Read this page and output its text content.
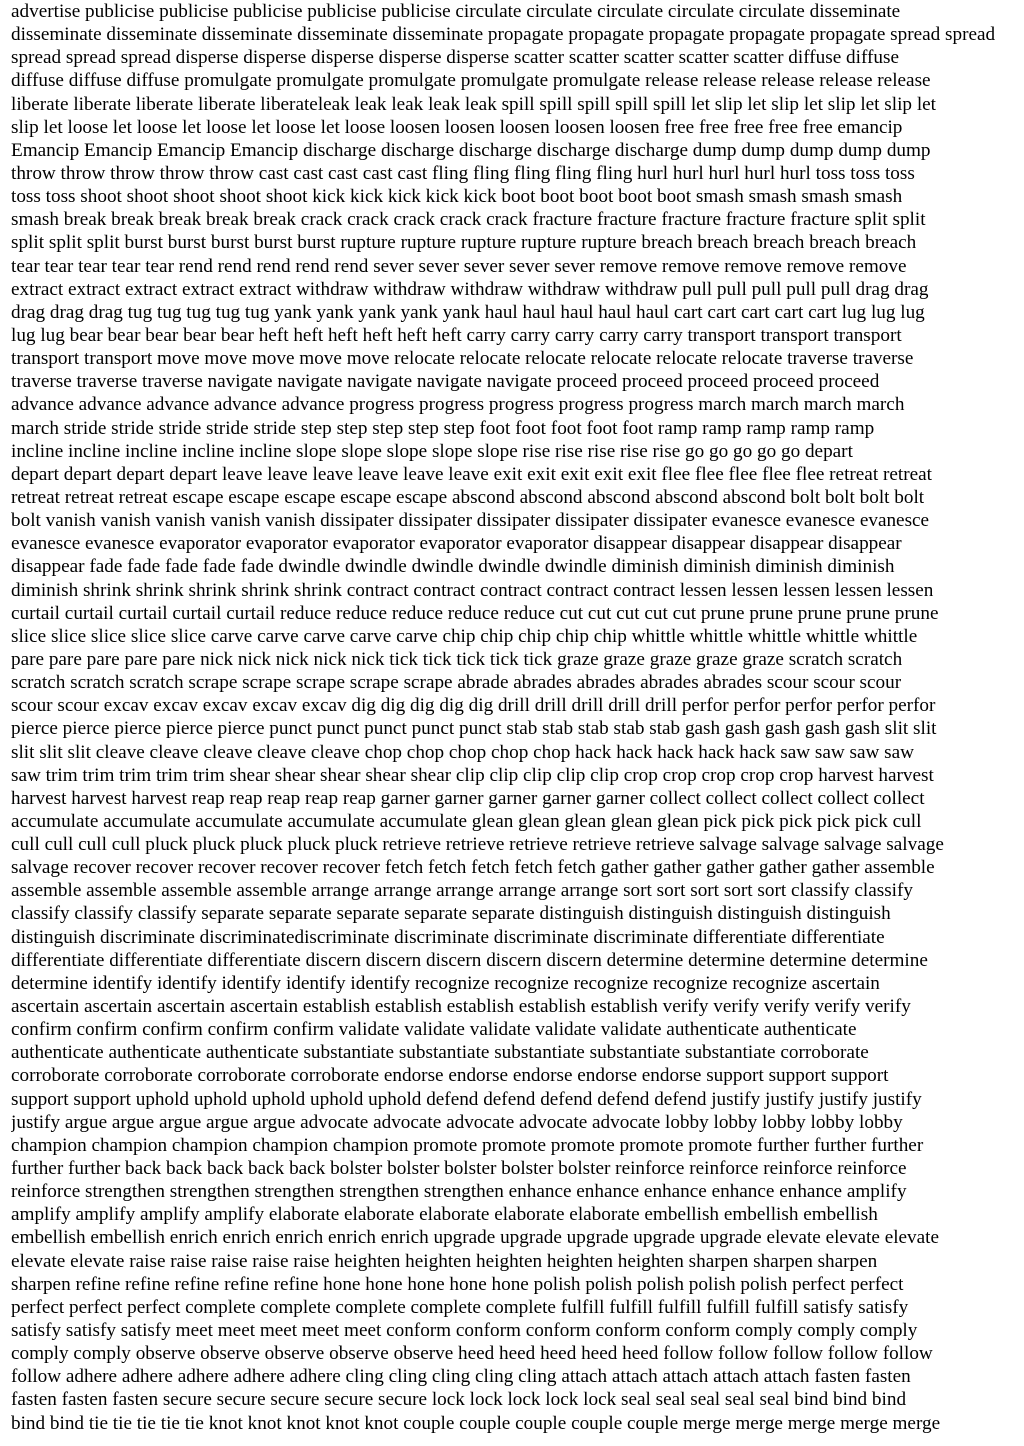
advertise publicise publicise publicise publicise publicise circulate circulate circulate circulate circulate disseminate
disseminate disseminate disseminate disseminate disseminate propagate propagate propagate propagate propagate spread spread
spread spread spread disperse disperse disperse disperse disperse scatter scatter scatter scatter scatter diffuse diffuse
diffuse diffuse diffuse promulgate promulgate promulgate promulgate promulgate release release release release release
liberate liberate liberate liberate liberateleak leak leak leak leak spill spill spill spill spill let slip let slip let slip let slip let
slip let loose let loose let loose let loose let loose loosen loosen loosen loosen loosen free free free free free emancip
Emancip Emancip Emancip Emancip discharge discharge discharge discharge discharge dump dump dump dump dump
throw throw throw throw throw cast cast cast cast cast fling fling fling fling fling hurl hurl hurl hurl hurl toss toss toss
toss toss shoot shoot shoot shoot shoot kick kick kick kick kick boot boot boot boot boot smash smash smash smash
smash break break break break break crack crack crack crack crack fracture fracture fracture fracture fracture split split
split split split burst burst burst burst burst rupture rupture rupture rupture rupture breach breach breach breach breach
tear tear tear tear tear rend rend rend rend rend sever sever sever sever sever remove remove remove remove remove
extract extract extract extract extract withdraw withdraw withdraw withdraw withdraw pull pull pull pull pull drag drag
drag drag drag tug tug tug tug tug yank yank yank yank yank haul haul haul haul haul cart cart cart cart cart lug lug lug
lug lug bear bear bear bear bear heft heft heft heft heft heft carry carry carry carry carry transport transport transport
transport transport move move move move move relocate relocate relocate relocate relocate relocate traverse traverse
traverse traverse traverse navigate navigate navigate navigate navigate proceed proceed proceed proceed proceed
advance advance advance advance advance progress progress progress progress progress march march march march
march stride stride stride stride stride step step step step step foot foot foot foot foot ramp ramp ramp ramp ramp
incline incline incline incline incline slope slope slope slope slope rise rise rise rise rise go go go go go depart
depart depart depart depart leave leave leave leave leave leave exit exit exit exit exit flee flee flee flee flee retreat retreat
retreat retreat retreat escape escape escape escape escape abscond abscond abscond abscond abscond bolt bolt bolt bolt
bolt vanish vanish vanish vanish vanish dissipater dissipater dissipater dissipater dissipater evanesce evanesce evanesce
evanesce evanesce evaporator evaporator evaporator evaporator evaporator disappear disappear disappear disappear
disappear fade fade fade fade fade dwindle dwindle dwindle dwindle dwindle diminish diminish diminish diminish
diminish shrink shrink shrink shrink shrink contract contract contract contract contract lessen lessen lessen lessen lessen
curtail curtail curtail curtail curtail reduce reduce reduce reduce reduce cut cut cut cut cut prune prune prune prune prune
slice slice slice slice slice carve carve carve carve carve chip chip chip chip chip whittle whittle whittle whittle whittle
pare pare pare pare pare nick nick nick nick nick tick tick tick tick tick graze graze graze graze graze scratch scratch
scratch scratch scratch scrape scrape scrape scrape scrape abrade abrades abrades abrades abrades scour scour scour
scour scour excav excav excav excav excav dig dig dig dig dig drill drill drill drill drill perfor perfor perfor perfor perfor
pierce pierce pierce pierce pierce punct punct punct punct punct stab stab stab stab stab gash gash gash gash gash slit slit
slit slit slit cleave cleave cleave cleave cleave chop chop chop chop chop hack hack hack hack hack saw saw saw saw
saw trim trim trim trim trim shear shear shear shear shear clip clip clip clip clip crop crop crop crop crop harvest harvest
harvest harvest harvest reap reap reap reap reap garner garner garner garner garner collect collect collect collect collect
accumulate accumulate accumulate accumulate accumulate glean glean glean glean glean pick pick pick pick pick cull
cull cull cull cull pluck pluck pluck pluck pluck retrieve retrieve retrieve retrieve retrieve salvage salvage salvage salvage
salvage recover recover recover recover recover fetch fetch fetch fetch fetch gather gather gather gather gather assemble
assemble assemble assemble assemble arrange arrange arrange arrange arrange sort sort sort sort sort classify classify
classify classify classify separate separate separate separate separate distinguish distinguish distinguish distinguish
distinguish discriminate discriminatediscriminate discriminate discriminate discriminate differentiate differentiate
differentiate differentiate differentiate discern discern discern discern discern determine determine determine determine
determine identify identify identify identify identify recognize recognize recognize recognize recognize ascertain
ascertain ascertain ascertain ascertain establish establish establish establish establish verify verify verify verify verify
confirm confirm confirm confirm confirm validate validate validate validate validate authenticate authenticate
authenticate authenticate authenticate substantiate substantiate substantiate substantiate substantiate corroborate
corroborate corroborate corroborate corroborate endorse endorse endorse endorse endorse support support support
support support uphold uphold uphold uphold uphold defend defend defend defend defend justify justify justify justify
justify argue argue argue argue argue advocate advocate advocate advocate advocate lobby lobby lobby lobby lobby
champion champion champion champion champion promote promote promote promote promote further further further
further further back back back back back bolster bolster bolster bolster bolster reinforce reinforce reinforce reinforce
reinforce strengthen strengthen strengthen strengthen strengthen enhance enhance enhance enhance enhance amplify
amplify amplify amplify amplify elaborate elaborate elaborate elaborate elaborate embellish embellish embellish
embellish embellish enrich enrich enrich enrich enrich upgrade upgrade upgrade upgrade upgrade elevate elevate elevate
elevate elevate raise raise raise raise raise heighten heighten heighten heighten heighten sharpen sharpen sharpen
sharpen refine refine refine refine refine hone hone hone hone hone polish polish polish polish polish perfect perfect
perfect perfect perfect complete complete complete complete complete fulfill fulfill fulfill fulfill fulfill satisfy satisfy
satisfy satisfy satisfy meet meet meet meet meet conform conform conform conform conform comply comply comply
comply comply observe observe observe observe observe heed heed heed heed heed follow follow follow follow follow
follow adhere adhere adhere adhere adhere cling cling cling cling cling attach attach attach attach attach fasten fasten
fasten fasten fasten secure secure secure secure secure lock lock lock lock lock seal seal seal seal seal bind bind bind
bind bind tie tie tie tie tie knot knot knot knot knot couple couple couple couple couple merge merge merge merge merge
